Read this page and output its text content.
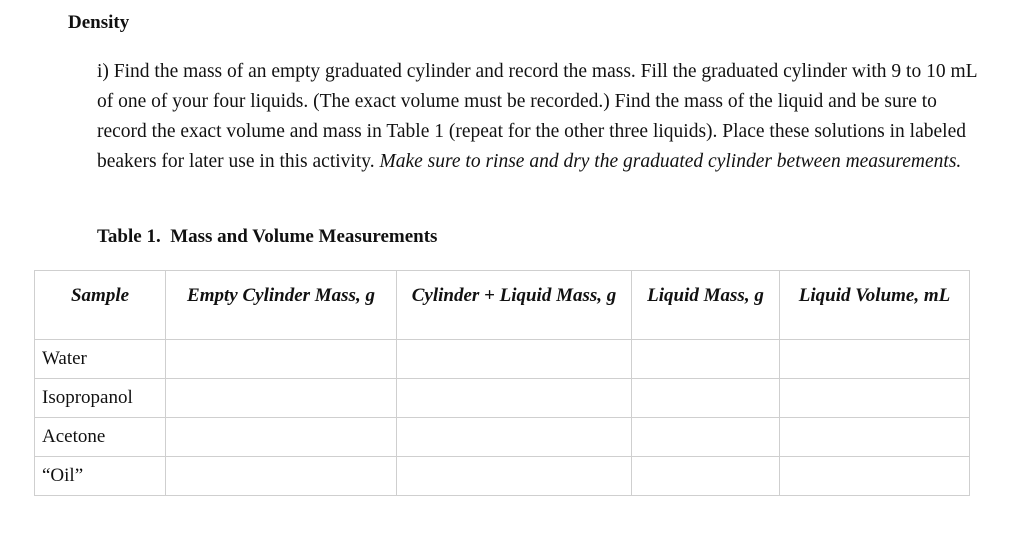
Density

i) Find the mass of an empty graduated cylinder and record the mass. Fill the graduated cylinder with 9 to 10 mL of one of your four liquids. (The exact volume must be recorded.) Find the mass of the liquid and be sure to record the exact volume and mass in Table 1 (repeat for the other three liquids). Place these solutions in labeled beakers for later use in this activity. Make sure to rinse and dry the graduated cylinder between measurements.

Table 1.  Mass and Volume Measurements
Sample	Empty Cylinder Mass, g	Cylinder + Liquid Mass, g	Liquid Mass, g	Liquid Volume, mL
Water				
Isopropanol				
Acetone				
“Oil”				
